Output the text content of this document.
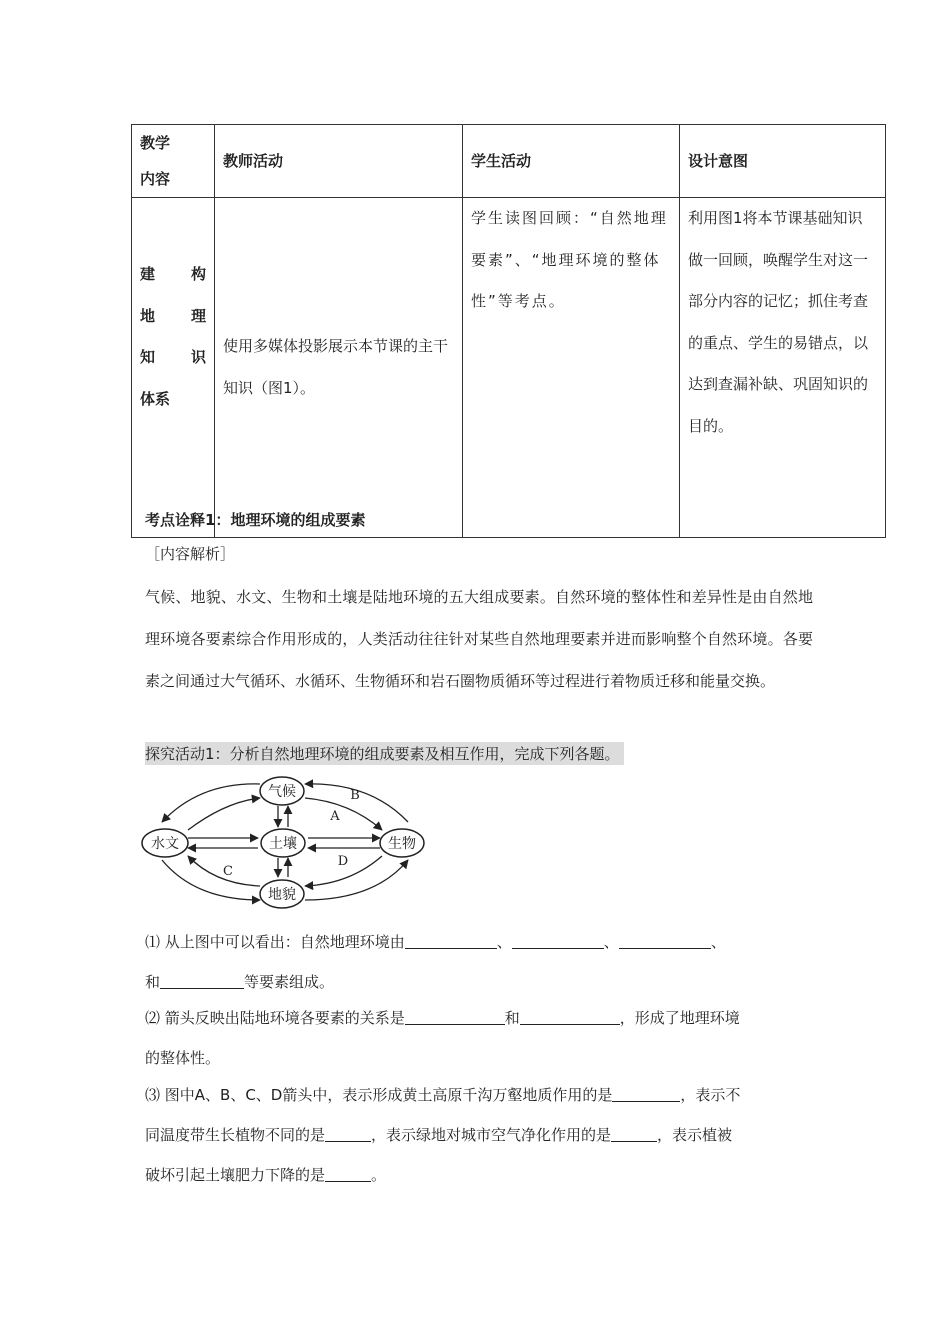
教学
内容	教师活动	学生活动	设计意图

建　构
地　理
知　识
体系	使用多媒体投影展示本节课的主干知识（图1）。	学生读图回顾：“自然地理要素”、“地理环境的整体性”等考点。	利用图1将本节课基础知识做一回顾，唤醒学生对这一部分内容的记忆；抓住考查的重点、学生的易错点，以达到查漏补缺、巩固知识的目的。
考点诠释1：地理环境的组成要素
［内容解析］
气候、地貌、水文、生物和土壤是陆地环境的五大组成要素。自然环境的整体性和差异性是由自然地理环境各要素综合作用形成的，人类活动往往针对某些自然地理要素并进而影响整个自然环境。各要素之间通过大气循环、水循环、生物循环和岩石圈物质循环等过程进行着物质迁移和能量交换。
探究活动1：分析自然地理环境的组成要素及相互作用，完成下列各题。
气候
水文	土壤	生物
地貌
A
B
C
D
⑴ 从上图中可以看出：自然地理环境由	、	、	、
和	等要素组成。
⑵ 箭头反映出陆地环境各要素的关系是	和	，形成了地理环境
的整体性。
⑶ 图中A、B、C、D箭头中，表示形成黄土高原千沟万壑地质作用的是	，表示不
同温度带生长植物不同的是	，表示绿地对城市空气净化作用的是	，表示植被
破坏引起土壤肥力下降的是	。
